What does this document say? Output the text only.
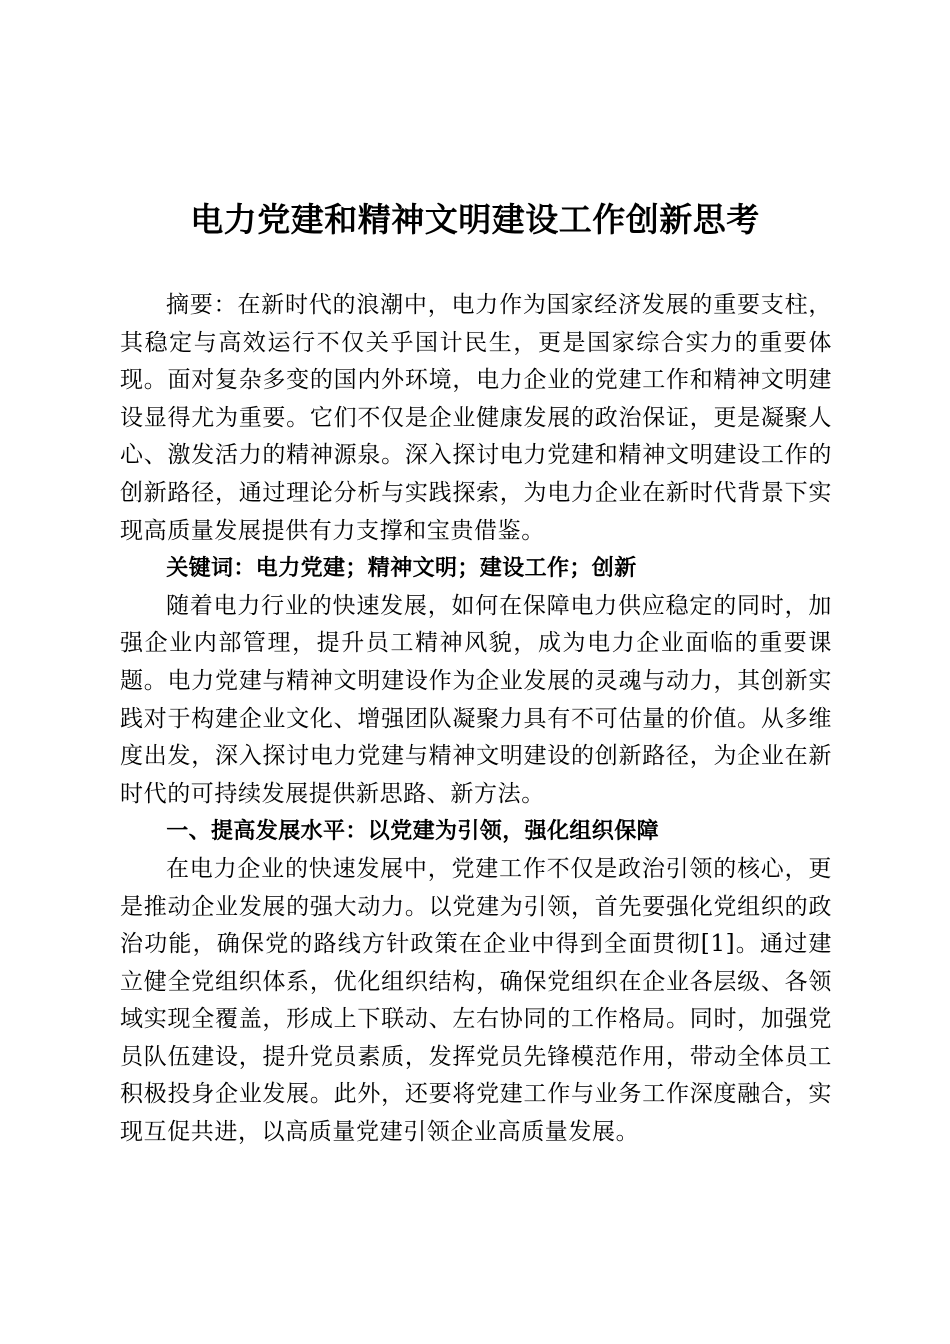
电力党建和精神文明建设工作创新思考

摘要：在新时代的浪潮中，电力作为国家经济发展的重要支柱，其稳定与高效运行不仅关乎国计民生，更是国家综合实力的重要体现。面对复杂多变的国内外环境，电力企业的党建工作和精神文明建设显得尤为重要。它们不仅是企业健康发展的政治保证，更是凝聚人心、激发活力的精神源泉。深入探讨电力党建和精神文明建设工作的创新路径，通过理论分析与实践探索，为电力企业在新时代背景下实现高质量发展提供有力支撑和宝贵借鉴。

关键词：电力党建；精神文明；建设工作；创新

随着电力行业的快速发展，如何在保障电力供应稳定的同时，加强企业内部管理，提升员工精神风貌，成为电力企业面临的重要课题。电力党建与精神文明建设作为企业发展的灵魂与动力，其创新实践对于构建企业文化、增强团队凝聚力具有不可估量的价值。从多维度出发，深入探讨电力党建与精神文明建设的创新路径，为企业在新时代的可持续发展提供新思路、新方法。

一、提高发展水平：以党建为引领，强化组织保障

在电力企业的快速发展中，党建工作不仅是政治引领的核心，更是推动企业发展的强大动力。以党建为引领，首先要强化党组织的政治功能，确保党的路线方针政策在企业中得到全面贯彻[1]。通过建立健全党组织体系，优化组织结构，确保党组织在企业各层级、各领域实现全覆盖，形成上下联动、左右协同的工作格局。同时，加强党员队伍建设，提升党员素质，发挥党员先锋模范作用，带动全体员工积极投身企业发展。此外，还要将党建工作与业务工作深度融合，实现互促共进，以高质量党建引领企业高质量发展。
